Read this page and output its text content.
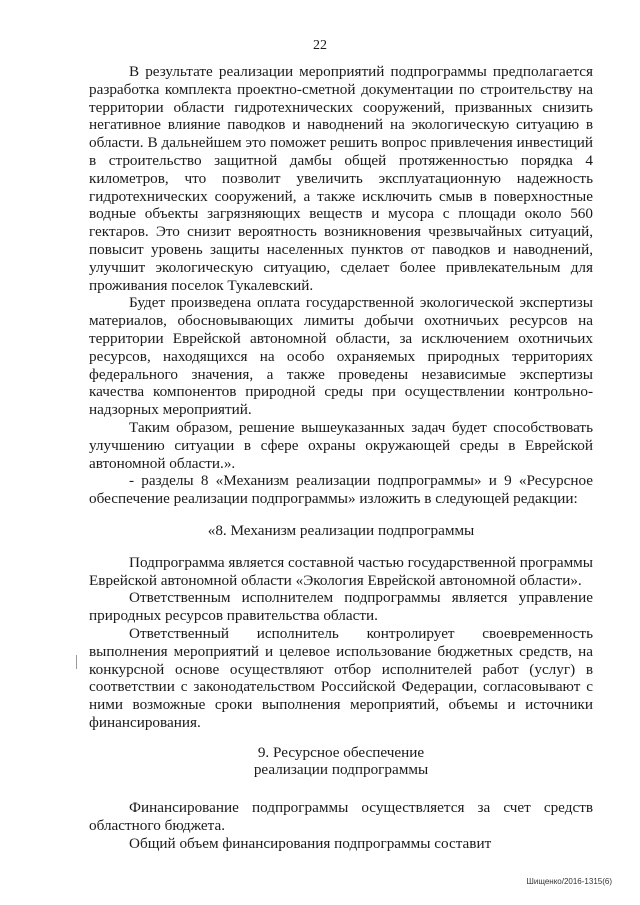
22

В результате реализации мероприятий подпрограммы предполагается разработка комплекта проектно-сметной документации по строительству на территории области гидротехнических сооружений, призванных снизить негативное влияние паводков и наводнений на экологическую ситуацию в области. В дальнейшем это поможет решить вопрос привлечения инвестиций в строительство защитной дамбы общей протяженностью порядка 4 километров, что позволит увеличить эксплуатационную надежность гидротехнических сооружений, а также исключить смыв в поверхностные водные объекты загрязняющих веществ и мусора с площади около 560 гектаров. Это снизит вероятность возникновения чрезвычайных ситуаций, повысит уровень защиты населенных пунктов от паводков и наводнений, улучшит экологическую ситуацию, сделает более привлекательным для проживания поселок Тукалевский.

Будет произведена оплата государственной экологической экспертизы материалов, обосновывающих лимиты добычи охотничьих ресурсов на территории Еврейской автономной области, за исключением охотничьих ресурсов, находящихся на особо охраняемых природных территориях федерального значения, а также проведены независимые экспертизы качества компонентов природной среды при осуществлении контрольно-надзорных мероприятий.

Таким образом, решение вышеуказанных задач будет способствовать улучшению ситуации в сфере охраны окружающей среды в Еврейской автономной области.».

- разделы 8 «Механизм реализации подпрограммы» и 9 «Ресурсное обеспечение реализации подпрограммы» изложить в следующей редакции:

«8. Механизм реализации подпрограммы

Подпрограмма является составной частью государственной программы Еврейской автономной области «Экология Еврейской автономной области».

Ответственным исполнителем подпрограммы является управление природных ресурсов правительства области.

Ответственный исполнитель контролирует своевременность выполнения мероприятий и целевое использование бюджетных средств, на конкурсной основе осуществляют отбор исполнителей работ (услуг) в соответствии с законодательством Российской Федерации, согласовывают с ними возможные сроки выполнения мероприятий, объемы и источники финансирования.

9. Ресурсное обеспечение
реализации подпрограммы

Финансирование подпрограммы осуществляется за счет средств областного бюджета.

Общий объем финансирования подпрограммы составит

Шищенко/2016-1315(6)
